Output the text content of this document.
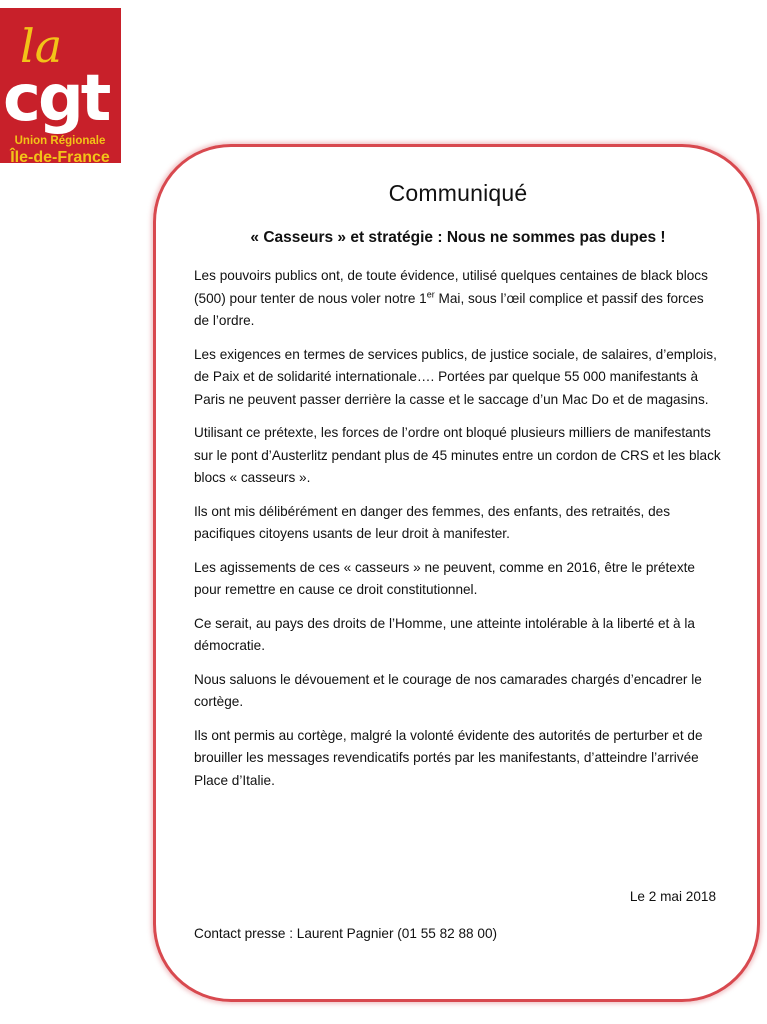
la
cgt
Union Régionale
Île-de-France
Communiqué
« Casseurs » et stratégie : Nous ne sommes pas dupes !

Les pouvoirs publics ont, de toute évidence, utilisé quelques centaines de black blocs (500) pour tenter de nous voler notre 1er Mai, sous l’œil complice et passif des forces de l’ordre.

Les exigences en termes de services publics, de justice sociale, de salaires, d’emplois, de Paix et de solidarité internationale…. Portées par quelque 55 000 manifestants à Paris ne peuvent passer derrière la casse et le saccage d’un Mac Do et de magasins.

Utilisant ce prétexte, les forces de l’ordre ont bloqué plusieurs milliers de manifestants sur le pont d’Austerlitz pendant plus de 45 minutes entre un cordon de CRS et les black blocs « casseurs ».

Ils ont mis délibérément en danger des femmes, des enfants, des retraités, des pacifiques citoyens usants de leur droit à manifester.

Les agissements de ces « casseurs » ne peuvent, comme en 2016, être le prétexte pour remettre en cause ce droit constitutionnel.

Ce serait, au pays des droits de l’Homme, une atteinte intolérable à la liberté et à la démocratie.

Nous saluons le dévouement et le courage de nos camarades chargés d’encadrer le cortège.

Ils ont permis au cortège, malgré la volonté évidente des autorités de perturber et de brouiller les messages revendicatifs portés par les manifestants, d’atteindre l’arrivée Place d’Italie.

Le 2 mai 2018
Contact presse : Laurent Pagnier (01 55 82 88 00)
